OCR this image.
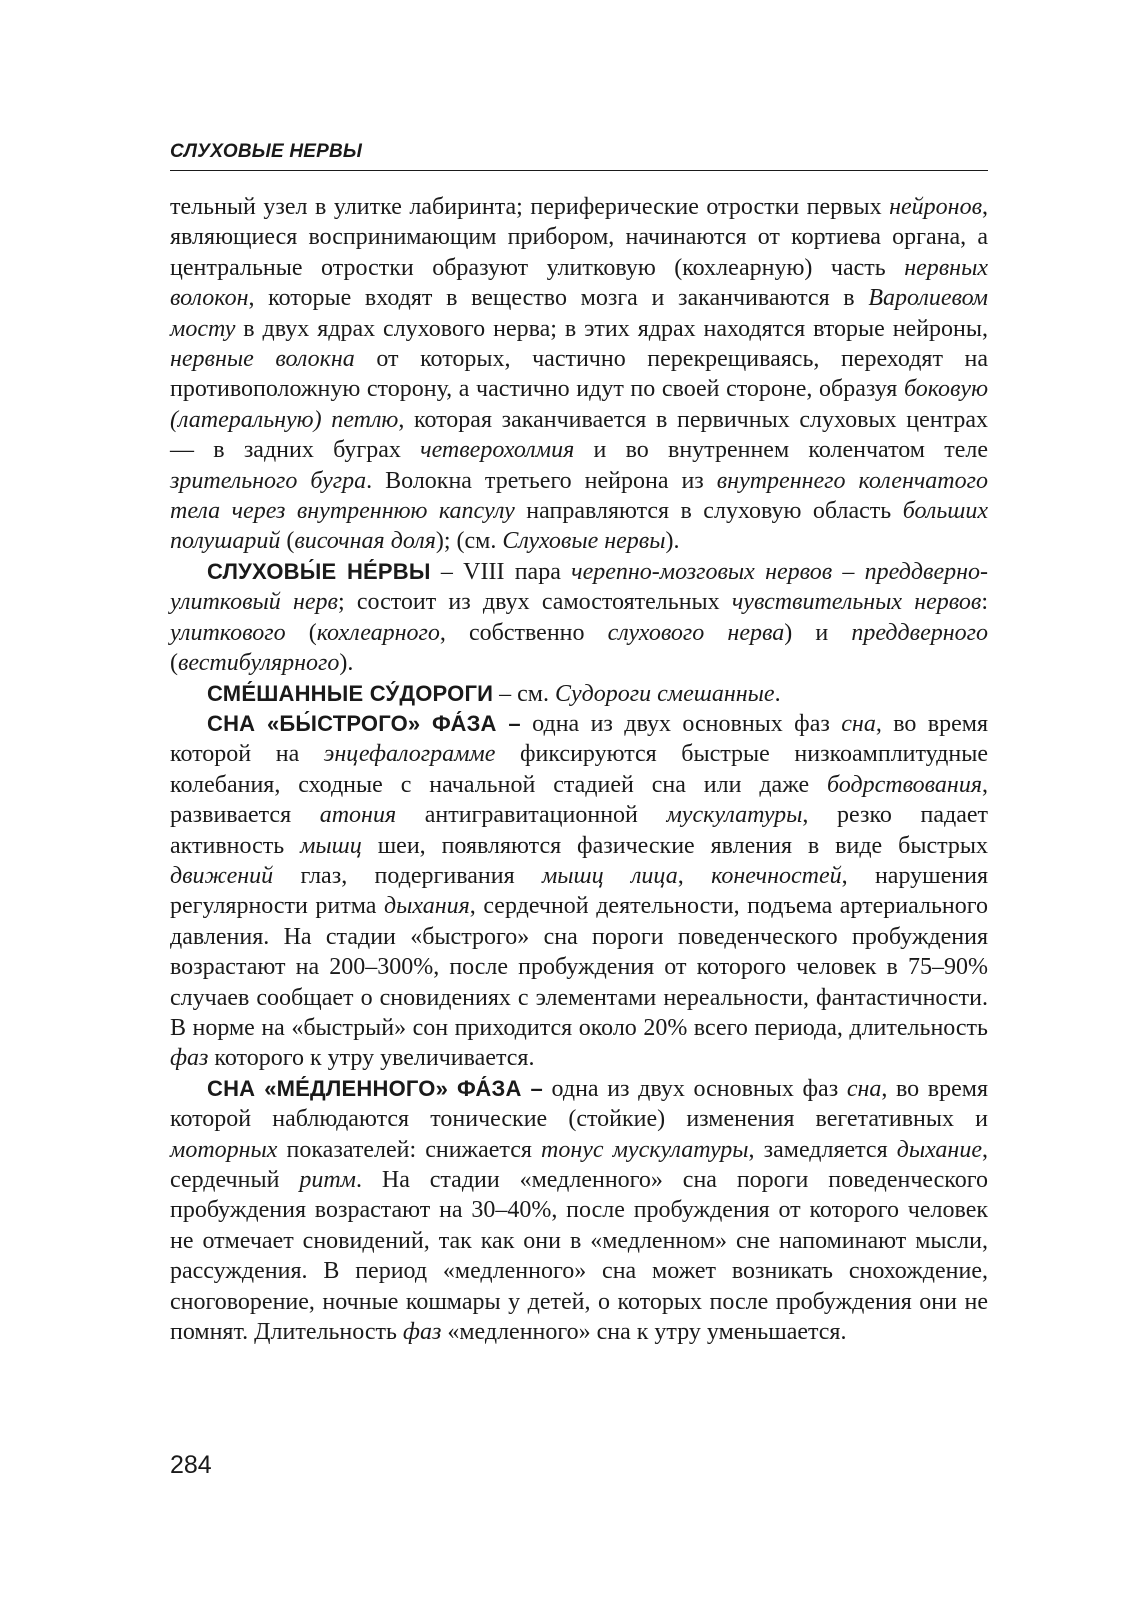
СЛУХОВЫЕ НЕРВЫ

тельный узел в улитке лабиринта; периферические отростки первых нейронов, являющиеся воспринимающим прибором, начинаются от кортиева органа, а центральные отростки образуют улитковую (кохлеарную) часть нервных волокон, которые входят в вещество мозга и заканчиваются в Варолиевом мосту в двух ядрах слухового нерва; в этих ядрах находятся вторые нейроны, нервные волокна от которых, частично перекрещиваясь, переходят на противоположную сторону, а частично идут по своей стороне, образуя боковую (латеральную) петлю, которая заканчивается в первичных слуховых центрах — в задних буграх четверохолмия и во внутреннем коленчатом теле зрительного бугра. Волокна третьего нейрона из внутреннего коленчатого тела через внутреннюю капсулу направляются в слуховую область больших полушарий (височная доля); (см. Слуховые нервы).

СЛУХОВЫ́Е НЕ́РВЫ – VIII пара черепно-мозговых нервов – преддверно-улитковый нерв; состоит из двух самостоятельных чувствительных нервов: улиткового (кохлеарного, собственно слухового нерва) и преддверного (вестибулярного).

СМЕ́ШАННЫЕ СУ́ДОРОГИ – см. Судороги смешанные.

СНА «БЫ́СТРОГО» ФА́ЗА – одна из двух основных фаз сна, во время которой на энцефалограмме фиксируются быстрые низкоамплитудные колебания, сходные с начальной стадией сна или даже бодрствования, развивается атония антигравитационной мускулатуры, резко падает активность мышц шеи, появляются фазические явления в виде быстрых движений глаз, подергивания мышц лица, конечностей, нарушения регулярности ритма дыхания, сердечной деятельности, подъема артериального давления. На стадии «быстрого» сна пороги поведенческого пробуждения возрастают на 200–300%, после пробуждения от которого человек в 75–90% случаев сообщает о сновидениях с элементами нереальности, фантастичности. В норме на «быстрый» сон приходится около 20% всего периода, длительность фаз которого к утру увеличивается.

СНА «МЕ́ДЛЕННОГО» ФА́ЗА – одна из двух основных фаз сна, во время которой наблюдаются тонические (стойкие) изменения вегетативных и моторных показателей: снижается тонус мускулатуры, замедляется дыхание, сердечный ритм. На стадии «медленного» сна пороги поведенческого пробуждения возрастают на 30–40%, после пробуждения от которого человек не отмечает сновидений, так как они в «медленном» сне напоминают мысли, рассуждения. В период «медленного» сна может возникать снохождение, сноговорение, ночные кошмары у детей, о которых после пробуждения они не помнят. Длительность фаз «медленного» сна к утру уменьшается.

284
